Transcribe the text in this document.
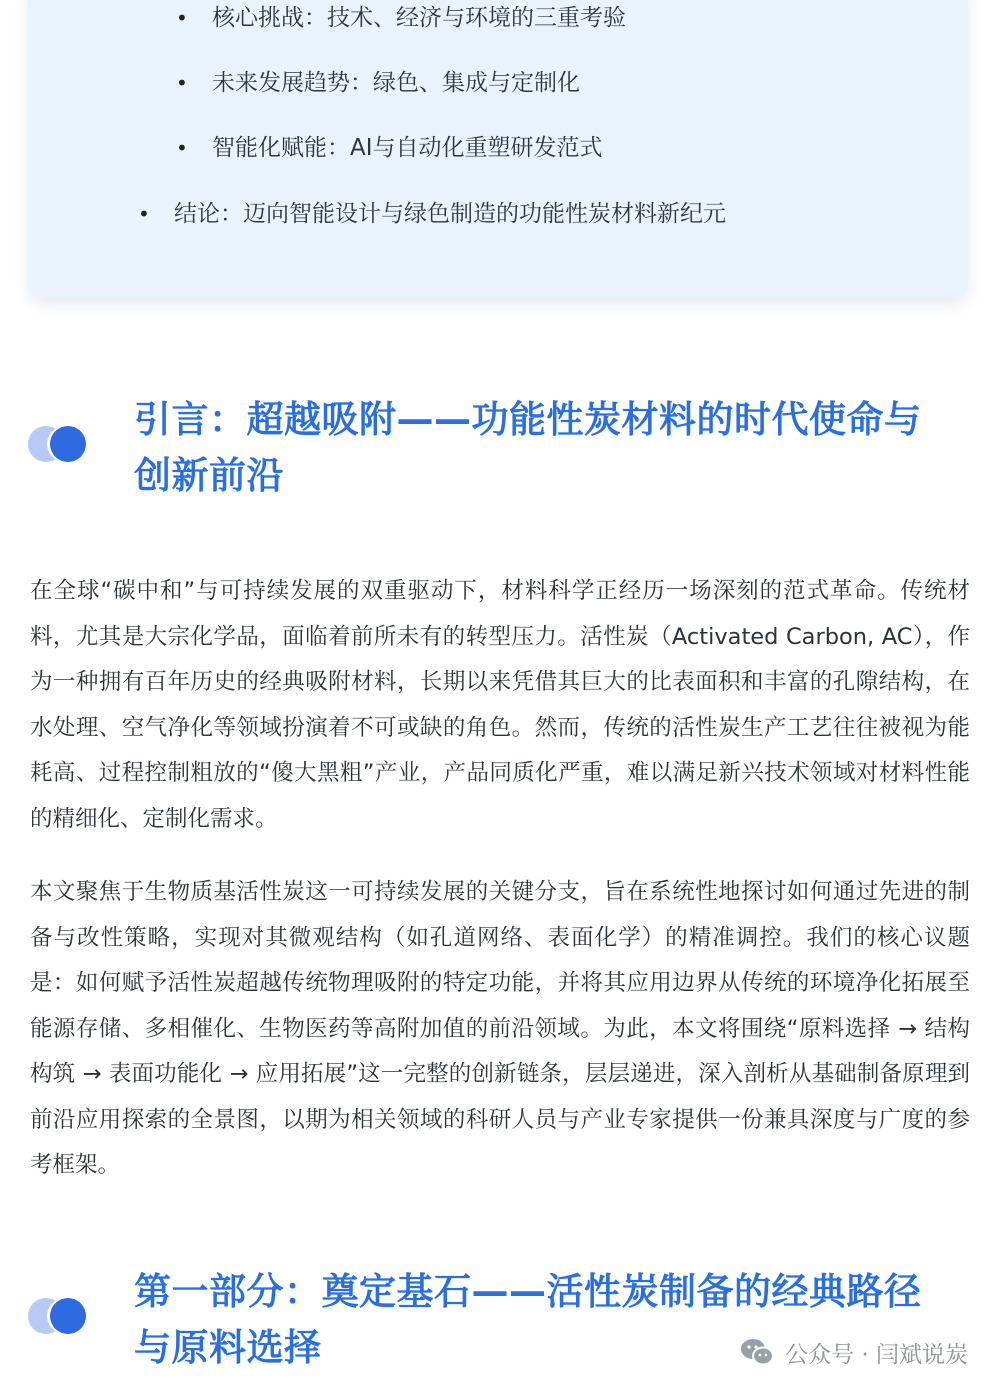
• 核心挑战：技术、经济与环境的三重考验
• 未来发展趋势：绿色、集成与定制化
• 智能化赋能：AI与自动化重塑研发范式
• 结论：迈向智能设计与绿色制造的功能性炭材料新纪元
引言：超越吸附——功能性炭材料的时代使命与创新前沿

在全球“碳中和”与可持续发展的双重驱动下，材料科学正经历一场深刻的范式革命。传统材料，尤其是大宗化学品，面临着前所未有的转型压力。活性炭（Activated Carbon, AC），作为一种拥有百年历史的经典吸附材料，长期以来凭借其巨大的比表面积和丰富的孔隙结构，在水处理、空气净化等领域扮演着不可或缺的角色。然而，传统的活性炭生产工艺往往被视为能耗高、过程控制粗放的“傻大黑粗”产业，产品同质化严重，难以满足新兴技术领域对材料性能的精细化、定制化需求。

本文聚焦于生物质基活性炭这一可持续发展的关键分支，旨在系统性地探讨如何通过先进的制备与改性策略，实现对其微观结构（如孔道网络、表面化学）的精准调控。我们的核心议题是：如何赋予活性炭超越传统物理吸附的特定功能，并将其应用边界从传统的环境净化拓展至能源存储、多相催化、生物医药等高附加值的前沿领域。为此，本文将围绕“原料选择 → 结构构筑 → 表面功能化 → 应用拓展”这一完整的创新链条，层层递进，深入剖析从基础制备原理到前沿应用探索的全景图，以期为相关领域的科研人员与产业专家提供一份兼具深度与广度的参考框架。

第一部分：奠定基石——活性炭制备的经典路径与原料选择	公众号 · 闫斌说炭
